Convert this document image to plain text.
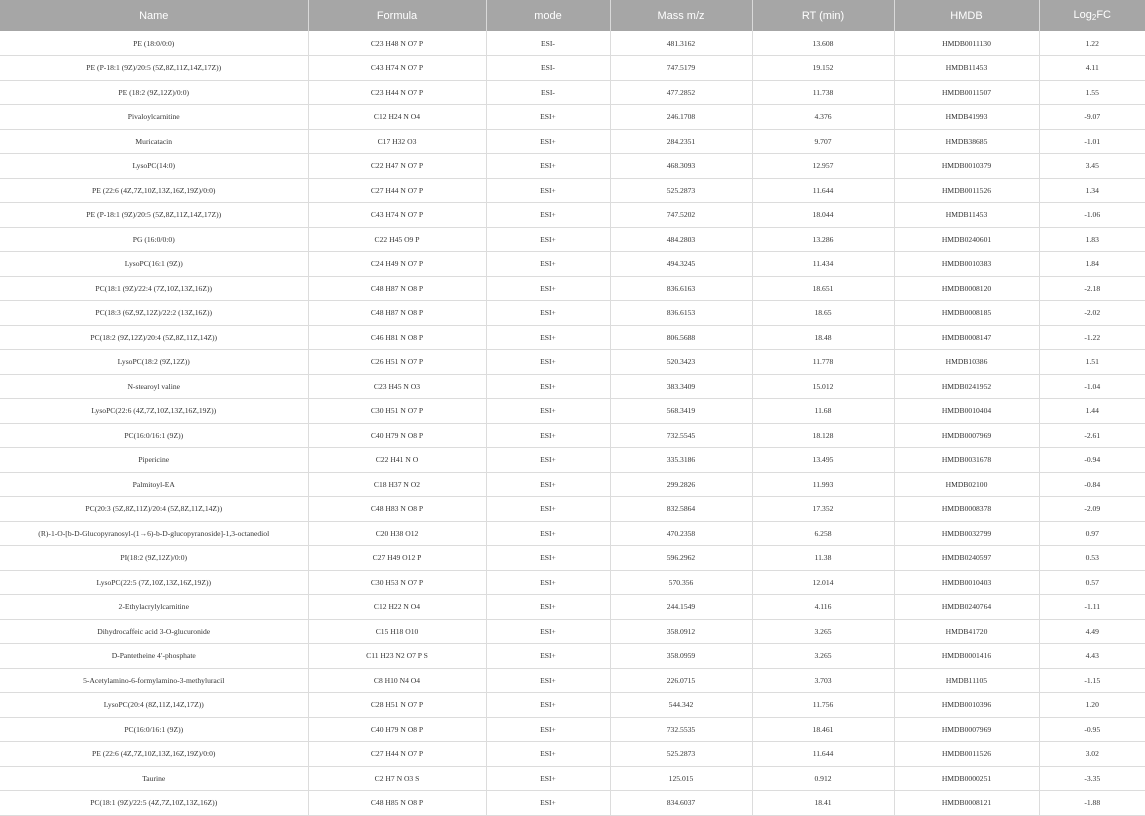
Name	Formula	mode	Mass m/z	RT (min)	HMDB	Log$_2$FC
PE (18:0/0:0)	C23 H48 N O7 P	ESI-	481.3162	13.608	HMDB0011130	1.22
PE (P-18:1 (9Z)/20:5 (5Z,8Z,11Z,14Z,17Z))	C43 H74 N O7 P	ESI-	747.5179	19.152	HMDB11453	4.11
PE (18:2 (9Z,12Z)/0:0)	C23 H44 N O7 P	ESI-	477.2852	11.738	HMDB0011507	1.55
Pivaloylcarnitine	C12 H24 N O4	ESI+	246.1708	4.376	HMDB41993	-9.07
Muricatacin	C17 H32 O3	ESI+	284.2351	9.707	HMDB38685	-1.01
LysoPC(14:0)	C22 H47 N O7 P	ESI+	468.3093	12.957	HMDB0010379	3.45
PE (22:6 (4Z,7Z,10Z,13Z,16Z,19Z)/0:0)	C27 H44 N O7 P	ESI+	525.2873	11.644	HMDB0011526	1.34
PE (P-18:1 (9Z)/20:5 (5Z,8Z,11Z,14Z,17Z))	C43 H74 N O7 P	ESI+	747.5202	18.044	HMDB11453	-1.06
PG (16:0/0:0)	C22 H45 O9 P	ESI+	484.2803	13.286	HMDB0240601	1.83
LysoPC(16:1 (9Z))	C24 H49 N O7 P	ESI+	494.3245	11.434	HMDB0010383	1.84
PC(18:1 (9Z)/22:4 (7Z,10Z,13Z,16Z))	C48 H87 N O8 P	ESI+	836.6163	18.651	HMDB0008120	-2.18
PC(18:3 (6Z,9Z,12Z)/22:2 (13Z,16Z))	C48 H87 N O8 P	ESI+	836.6153	18.65	HMDB0008185	-2.02
PC(18:2 (9Z,12Z)/20:4 (5Z,8Z,11Z,14Z))	C46 H81 N O8 P	ESI+	806.5688	18.48	HMDB0008147	-1.22
LysoPC(18:2 (9Z,12Z))	C26 H51 N O7 P	ESI+	520.3423	11.778	HMDB10386	1.51
N-stearoyl valine	C23 H45 N O3	ESI+	383.3409	15.012	HMDB0241952	-1.04
LysoPC(22:6 (4Z,7Z,10Z,13Z,16Z,19Z))	C30 H51 N O7 P	ESI+	568.3419	11.68	HMDB0010404	1.44
PC(16:0/16:1 (9Z))	C40 H79 N O8 P	ESI+	732.5545	18.128	HMDB0007969	-2.61
Pipericine	C22 H41 N O	ESI+	335.3186	13.495	HMDB0031678	-0.94
Palmitoyl-EA	C18 H37 N O2	ESI+	299.2826	11.993	HMDB02100	-0.84
PC(20:3 (5Z,8Z,11Z)/20:4 (5Z,8Z,11Z,14Z))	C48 H83 N O8 P	ESI+	832.5864	17.352	HMDB0008378	-2.09
(R)-1-O-[b-D-Glucopyranosyl-(1→6)-b-D-glucopyranoside]-1,3-octanediol	C20 H38 O12	ESI+	470.2358	6.258	HMDB0032799	0.97
PI(18:2 (9Z,12Z)/0:0)	C27 H49 O12 P	ESI+	596.2962	11.38	HMDB0240597	0.53
LysoPC(22:5 (7Z,10Z,13Z,16Z,19Z))	C30 H53 N O7 P	ESI+	570.356	12.014	HMDB0010403	0.57
2-Ethylacrylylcarnitine	C12 H22 N O4	ESI+	244.1549	4.116	HMDB0240764	-1.11
Dihydrocaffeic acid 3-O-glucuronide	C15 H18 O10	ESI+	358.0912	3.265	HMDB41720	4.49
D-Pantetheine 4′-phosphate	C11 H23 N2 O7 P S	ESI+	358.0959	3.265	HMDB0001416	4.43
5-Acetylamino-6-formylamino-3-methyluracil	C8 H10 N4 O4	ESI+	226.0715	3.703	HMDB11105	-1.15
LysoPC(20:4 (8Z,11Z,14Z,17Z))	C28 H51 N O7 P	ESI+	544.342	11.756	HMDB0010396	1.20
PC(16:0/16:1 (9Z))	C40 H79 N O8 P	ESI+	732.5535	18.461	HMDB0007969	-0.95
PE (22:6 (4Z,7Z,10Z,13Z,16Z,19Z)/0:0)	C27 H44 N O7 P	ESI+	525.2873	11.644	HMDB0011526	3.02
Taurine	C2 H7 N O3 S	ESI+	125.015	0.912	HMDB0000251	-3.35
PC(18:1 (9Z)/22:5 (4Z,7Z,10Z,13Z,16Z))	C48 H85 N O8 P	ESI+	834.6037	18.41	HMDB0008121	-1.88
